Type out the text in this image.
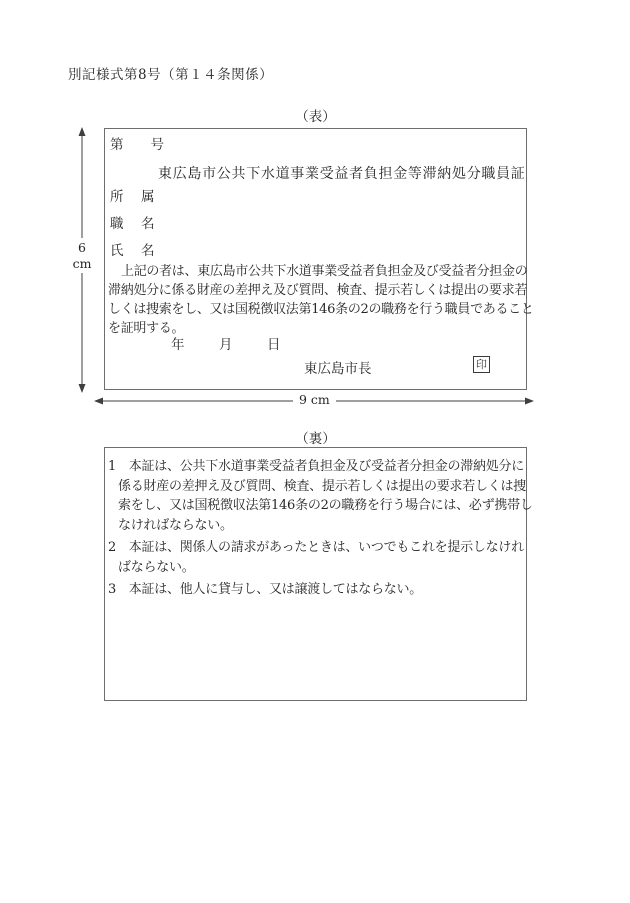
別記様式第8号（第１４条関係）
（表）
第　　号
東広島市公共下水道事業受益者負担金等滞納処分職員証
所　属
職　名
氏　名
上記の者は、東広島市公共下水道事業受益者負担金及び受益者分担金の
滞納処分に係る財産の差押え及び質問、検査、提示若しくは提出の要求若
しくは捜索をし、又は国税徴収法第146条の2の職務を行う職員であること
を証明する。
年　　月　　日
東広島市長	印
6
cm
9 cm
（裏）
1　本証は、公共下水道事業受益者負担金及び受益者分担金の滞納処分に
係る財産の差押え及び質問、検査、提示若しくは提出の要求若しくは捜
索をし、又は国税徴収法第146条の2の職務を行う場合には、必ず携帯し
なければならない。
2　本証は、関係人の請求があったときは、いつでもこれを提示しなけれ
ばならない。
3　本証は、他人に貸与し、又は譲渡してはならない。
